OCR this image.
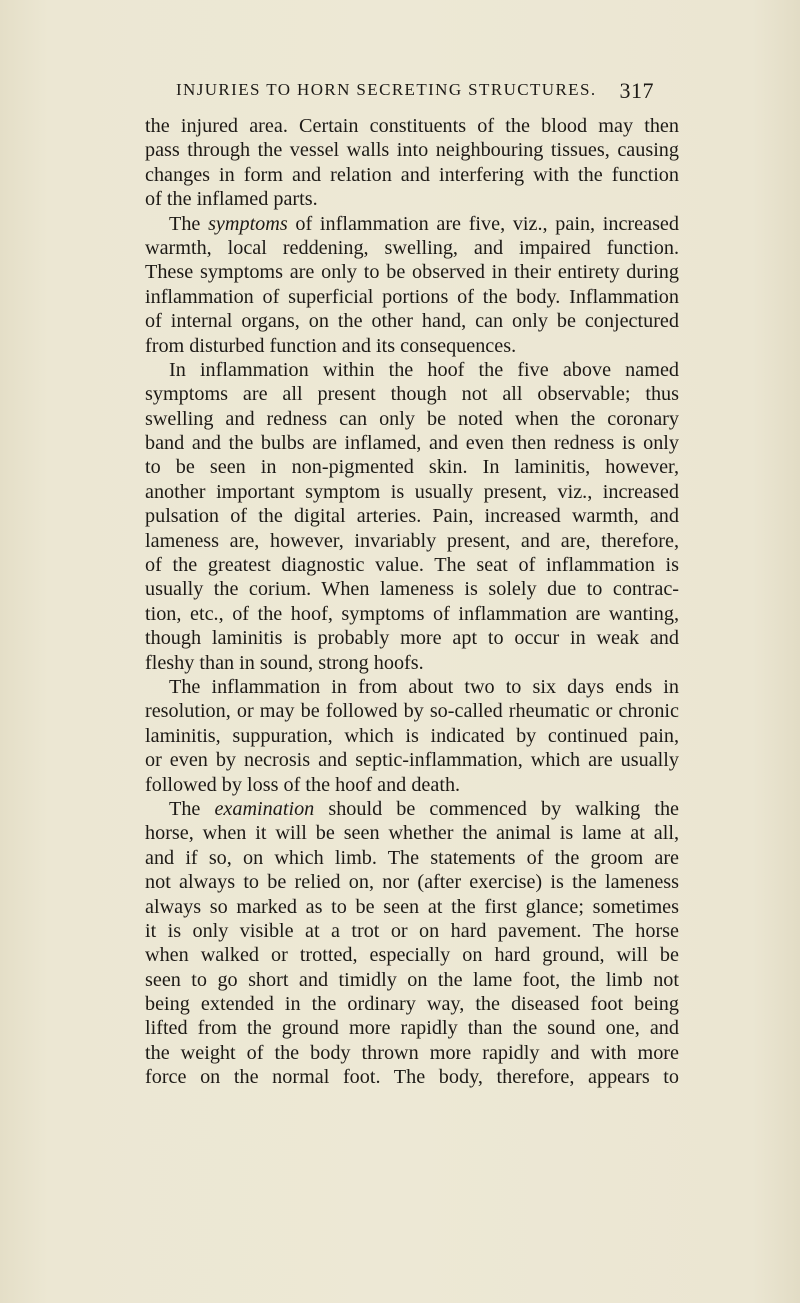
INJURIES TO HORN SECRETING STRUCTURES. 317
the injured area. Certain constituents of the blood may then
pass through the vessel walls into neighbouring tissues, causing
changes in form and relation and interfering with the function
of the inflamed parts.
The symptoms of inflammation are five, viz., pain, increased
warmth, local reddening, swelling, and impaired function.
These symptoms are only to be observed in their entirety during
inflammation of superficial portions of the body. Inflammation
of internal organs, on the other hand, can only be conjectured
from disturbed function and its consequences.
In inflammation within the hoof the five above named
symptoms are all present though not all observable; thus
swelling and redness can only be noted when the coronary
band and the bulbs are inflamed, and even then redness is only
to be seen in non-pigmented skin. In laminitis, however,
another important symptom is usually present, viz., increased
pulsation of the digital arteries. Pain, increased warmth, and
lameness are, however, invariably present, and are, therefore,
of the greatest diagnostic value. The seat of inflammation is
usually the corium. When lameness is solely due to contrac-
tion, etc., of the hoof, symptoms of inflammation are wanting,
though laminitis is probably more apt to occur in weak and
fleshy than in sound, strong hoofs.
The inflammation in from about two to six days ends in
resolution, or may be followed by so-called rheumatic or chronic
laminitis, suppuration, which is indicated by continued pain,
or even by necrosis and septic-inflammation, which are usually
followed by loss of the hoof and death.
The examination should be commenced by walking the
horse, when it will be seen whether the animal is lame at all,
and if so, on which limb. The statements of the groom are
not always to be relied on, nor (after exercise) is the lameness
always so marked as to be seen at the first glance; sometimes
it is only visible at a trot or on hard pavement. The horse
when walked or trotted, especially on hard ground, will be
seen to go short and timidly on the lame foot, the limb not
being extended in the ordinary way, the diseased foot being
lifted from the ground more rapidly than the sound one, and
the weight of the body thrown more rapidly and with more
force on the normal foot. The body, therefore, appears to
